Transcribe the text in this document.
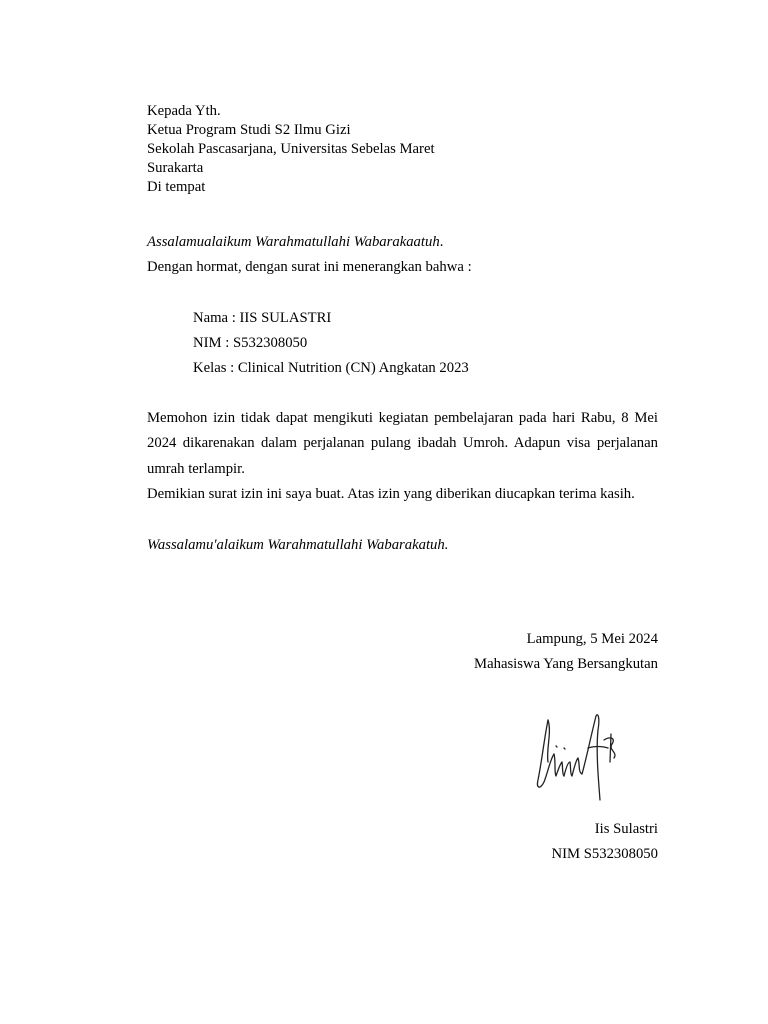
Kepada Yth.
Ketua Program Studi S2 Ilmu Gizi
Sekolah Pascasarjana, Universitas Sebelas Maret
Surakarta
Di tempat
Assalamualaikum Warahmatullahi Wabarakaatuh.
Dengan hormat, dengan surat ini menerangkan bahwa :
Nama : IIS SULASTRI
NIM : S532308050
Kelas : Clinical Nutrition (CN) Angkatan 2023
Memohon izin tidak dapat mengikuti kegiatan pembelajaran pada hari Rabu, 8 Mei 2024 dikarenakan dalam perjalanan pulang ibadah Umroh. Adapun visa perjalanan umrah terlampir.
Demikian surat izin ini saya buat. Atas izin yang diberikan diucapkan terima kasih.
Wassalamu'alaikum Warahmatullahi Wabarakatuh.
Lampung, 5 Mei 2024
Mahasiswa Yang Bersangkutan
Iis Sulastri
NIM S532308050
